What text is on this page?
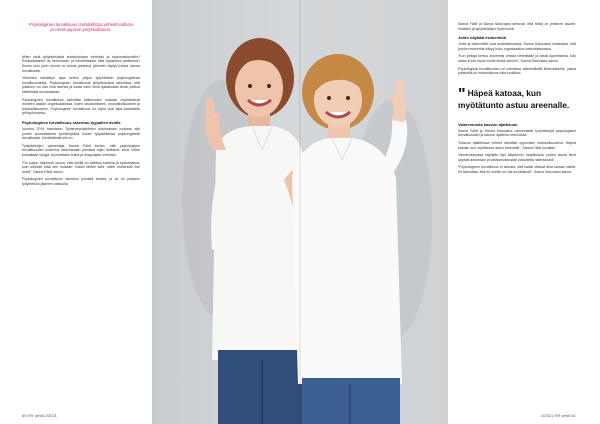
Psykologinen turvallisuus mahdollistaa virheitä sallivan ja niistä oppivan yrityskulttuurin.

Miten siinä työyhteisössä suhtaudutaan virheisiin ja epäonnistumisiin? Rohkaistaanko ne kertomaan, ja kohdellaanko niitä oppimisen paikkoina? Ennen kuin jokin ryhmä voi toimia yhdessä, jäsenten täytyy tuntea olonsa turvalliseksi.

Virheiden käsittelyn tapa kertoo paljon työyhteisön psykologisesta turvallisuudesta. Psykologinen turvallisuus työyhteisössä tarkoittaa, että jokainen voi olla oma itsensä ja tuoda esiin omia ajatuksiaan ilman pelkoa kielteisistä seurauksista.

Psykologinen turvallisuus vaikuttaa tutkimusten mukaan myönteisesti moneen asiaan organisaatiossa, kuten sitoutumiseen, innovatiivisuuteen ja tuloksellisuuteen. Psykologinen turvallisuus on myös uusi tapa tarkastella työhyvinvointia.

Psykologinen turvallisuus rakentuu tyypalien avulla

Vuonna 2019 toteutetun Työterveyslaitoksen tutkimuksen mukaan alle puolet suomalaisista työntekijöistä kokee työpaikkansa psykologisesti turvalliseksi. Kehitettävää siis on.

Työyhteisöjen valmentaja Sanna Fäldt kertoo, että psykologisen turvallisuuden kokemus rakennetaan pienissä arjen hetkissä: siinä, miten kohdataan kysyjä, kuunnellaan toista ja reagoidaan virheisiin.

”On paljon helpompi sanoa, että meillä on sallittua kokeilla ja epäonnistua, kuin oikeasti elää sen mukaan. Kaikki lähtee siitä, miten esihenkilö itse toimii”, Sanna Fäldt sanoo.

Psykologinen turvallisuus rakentuu pienistä teoista, ja se on jokaisen työyhteisön jäsenen vastuulla.

Sanna Fäldt ja Sanna Salovaara kertovat, että heillä on yhteinen tavoite: ihmisten ja työyhteisöjen hyvinvointi.

Johto näyttää esimerkkiä

Johto ja esihenkilöt ovat avainasemassa. Sanna Salovaara muistuttaa, että johdon esimerkki näkyy koko organisaation toimintatavoissa.

”Kun johtaja kertoo avoimesti omista virheistään ja niistä oppimisesta, hän antaa luvan myös muille tehdä samoin”, Sanna Salovaara sanoo.

Psykologista turvallisuutta voi vahvistaa säännöllisillä keskusteluilla, joissa jokaisella on mahdollisuus tulla kuulluksi.

" Häpeä katoaa, kun myötätunto astuu areenalle.

Valmennusta kasvun ajatteluun

Sanna Fäldt ja Sanna Salovaara valmentavat työyhteisöjä psykologisen turvallisuuden ja kasvun ajattelun teemoissa.

”Kasvun ajattelussa virheet nähdään oppimisen mahdollisuutena. Häpeä katoaa, kun myötätunto astuu areenalle”, Sanna Fäldt kuvailee.

Valmennuksissa käydään läpi käytännön harjoituksia, joiden avulla tiimit oppivat antamaan ja vastaanottamaan palautetta rakentavasti.

”Psykologinen turvallisuus ei tarkoita, että kaikki olisivat aina samaa mieltä. Se tarkoittaa, että eri mieltä voi olla turvallisesti”, Sanna Salovaara sanoo.

60 HR viesti 2/2021	2/2021 HR viesti 61
